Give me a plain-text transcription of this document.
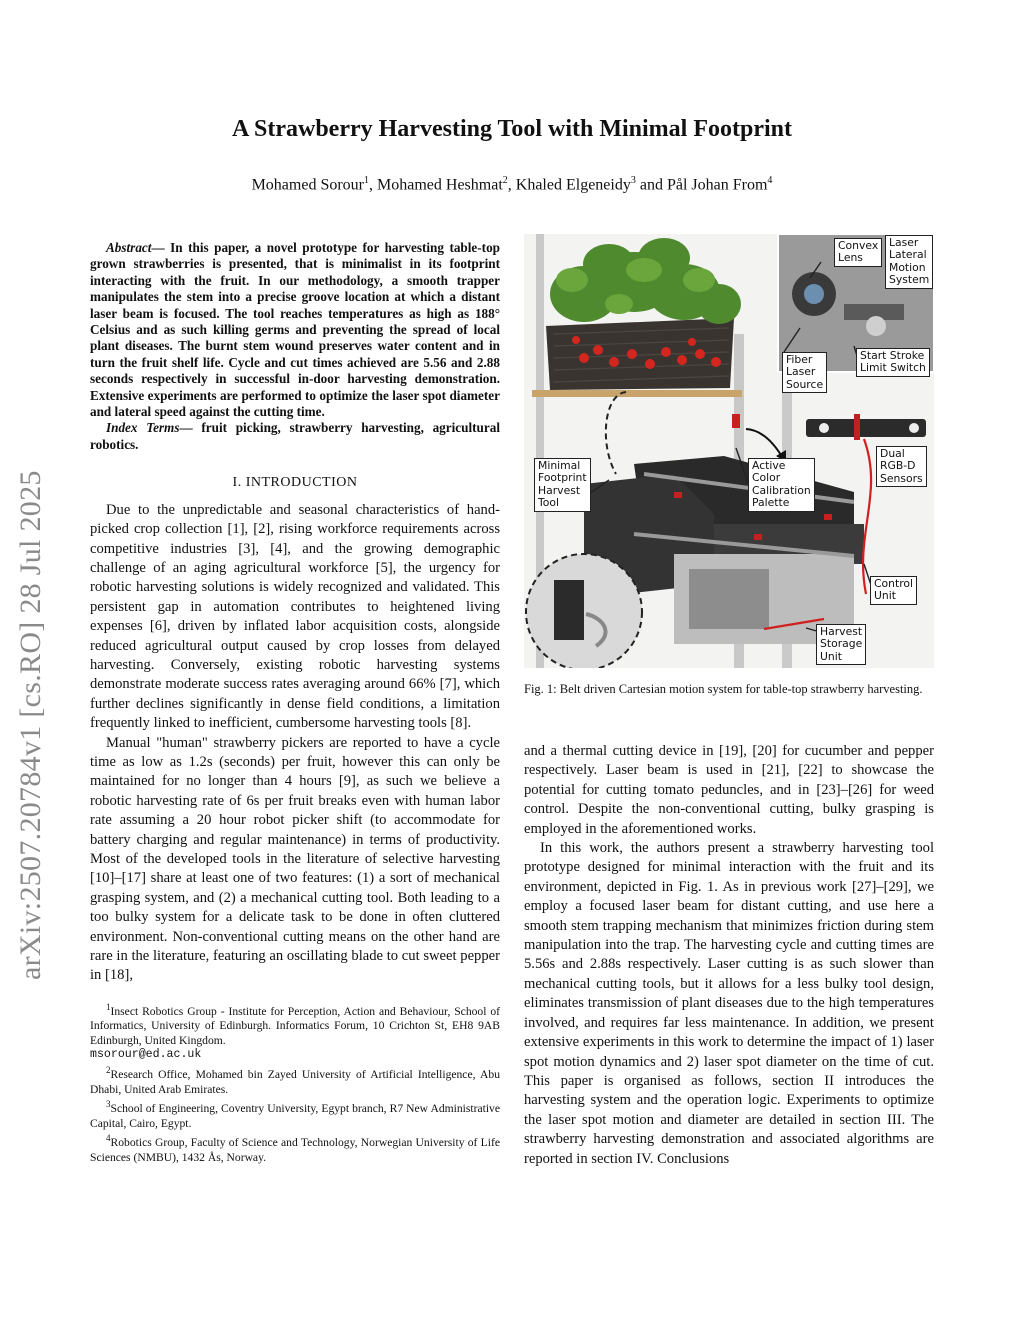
arXiv:2507.20784v1 [cs.RO] 28 Jul 2025
A Strawberry Harvesting Tool with Minimal Footprint
Mohamed Sorour$^1$, Mohamed Heshmat$^2$, Khaled Elgeneidy$^3$ and Pål Johan From$^4$

Abstract— In this paper, a novel prototype for harvesting table-top grown strawberries is presented, that is minimalist in its footprint interacting with the fruit. In our methodology, a smooth trapper manipulates the stem into a precise groove location at which a distant laser beam is focused. The tool reaches temperatures as high as 188° Celsius and as such killing germs and preventing the spread of local plant diseases. The burnt stem wound preserves water content and in turn the fruit shelf life. Cycle and cut times achieved are 5.56 and 2.88 seconds respectively in successful in-door harvesting demonstration. Extensive experiments are performed to optimize the laser spot diameter and lateral speed against the cutting time.

Index Terms— fruit picking, strawberry harvesting, agricultural robotics.

I. INTRODUCTION

Due to the unpredictable and seasonal characteristics of hand-picked crop collection [1], [2], rising workforce requirements across competitive industries [3], [4], and the growing demographic challenge of an aging agricultural workforce [5], the urgency for robotic harvesting solutions is widely recognized and validated. This persistent gap in automation contributes to heightened living expenses [6], driven by inflated labor acquisition costs, alongside reduced agricultural output caused by crop losses from delayed harvesting. Conversely, existing robotic harvesting systems demonstrate moderate success rates averaging around 66% [7], which further declines significantly in dense field conditions, a limitation frequently linked to inefficient, cumbersome harvesting tools [8].

Manual "human" strawberry pickers are reported to have a cycle time as low as 1.2s (seconds) per fruit, however this can only be maintained for no longer than 4 hours [9], as such we believe a robotic harvesting rate of 6s per fruit breaks even with human labor rate assuming a 20 hour robot picker shift (to accommodate for battery charging and regular maintenance) in terms of productivity. Most of the developed tools in the literature of selective harvesting [10]–[17] share at least one of two features: (1) a sort of mechanical grasping system, and (2) a mechanical cutting tool. Both leading to a too bulky system for a delicate task to be done in often cluttered environment. Non-conventional cutting means on the other hand are rare in the literature, featuring an oscillating blade to cut sweet pepper in [18],

$^1$Insect Robotics Group - Institute for Perception, Action and Behaviour, School of Informatics, University of Edinburgh. Informatics Forum, 10 Crichton St, EH8 9AB Edinburgh, United Kingdom.

msorour@ed.ac.uk

$^2$Research Office, Mohamed bin Zayed University of Artificial Intelligence, Abu Dhabi, United Arab Emirates.

$^3$School of Engineering, Coventry University, Egypt branch, R7 New Administrative Capital, Cairo, Egypt.

$^4$Robotics Group, Faculty of Science and Technology, Norwegian University of Life Sciences (NMBU), 1432 Ås, Norway.

Convex
Lens
Laser
Lateral
Motion
System
Fiber
Laser
Source
Start Stroke
Limit Switch
Minimal
Footprint
Harvest
Tool
Active
Color
Calibration
Palette
Dual
RGB-D
Sensors
Control
Unit
Harvest
Storage
Unit
Fig. 1: Belt driven Cartesian motion system for table-top strawberry harvesting.

and a thermal cutting device in [19], [20] for cucumber and pepper respectively. Laser beam is used in [21], [22] to showcase the potential for cutting tomato peduncles, and in [23]–[26] for weed control. Despite the non-conventional cutting, bulky grasping is employed in the aforementioned works.

In this work, the authors present a strawberry harvesting tool prototype designed for minimal interaction with the fruit and its environment, depicted in Fig. 1. As in previous work [27]–[29], we employ a focused laser beam for distant cutting, and use here a smooth stem trapping mechanism that minimizes friction during stem manipulation into the trap. The harvesting cycle and cutting times are 5.56s and 2.88s respectively. Laser cutting is as such slower than mechanical cutting tools, but it allows for a less bulky tool design, eliminates transmission of plant diseases due to the high temperatures involved, and requires far less maintenance. In addition, we present extensive experiments in this work to determine the impact of 1) laser spot motion dynamics and 2) laser spot diameter on the time of cut. This paper is organised as follows, section II introduces the harvesting system and the operation logic. Experiments to optimize the laser spot motion and diameter are detailed in section III. The strawberry harvesting demonstration and associated algorithms are reported in section IV. Conclusions
